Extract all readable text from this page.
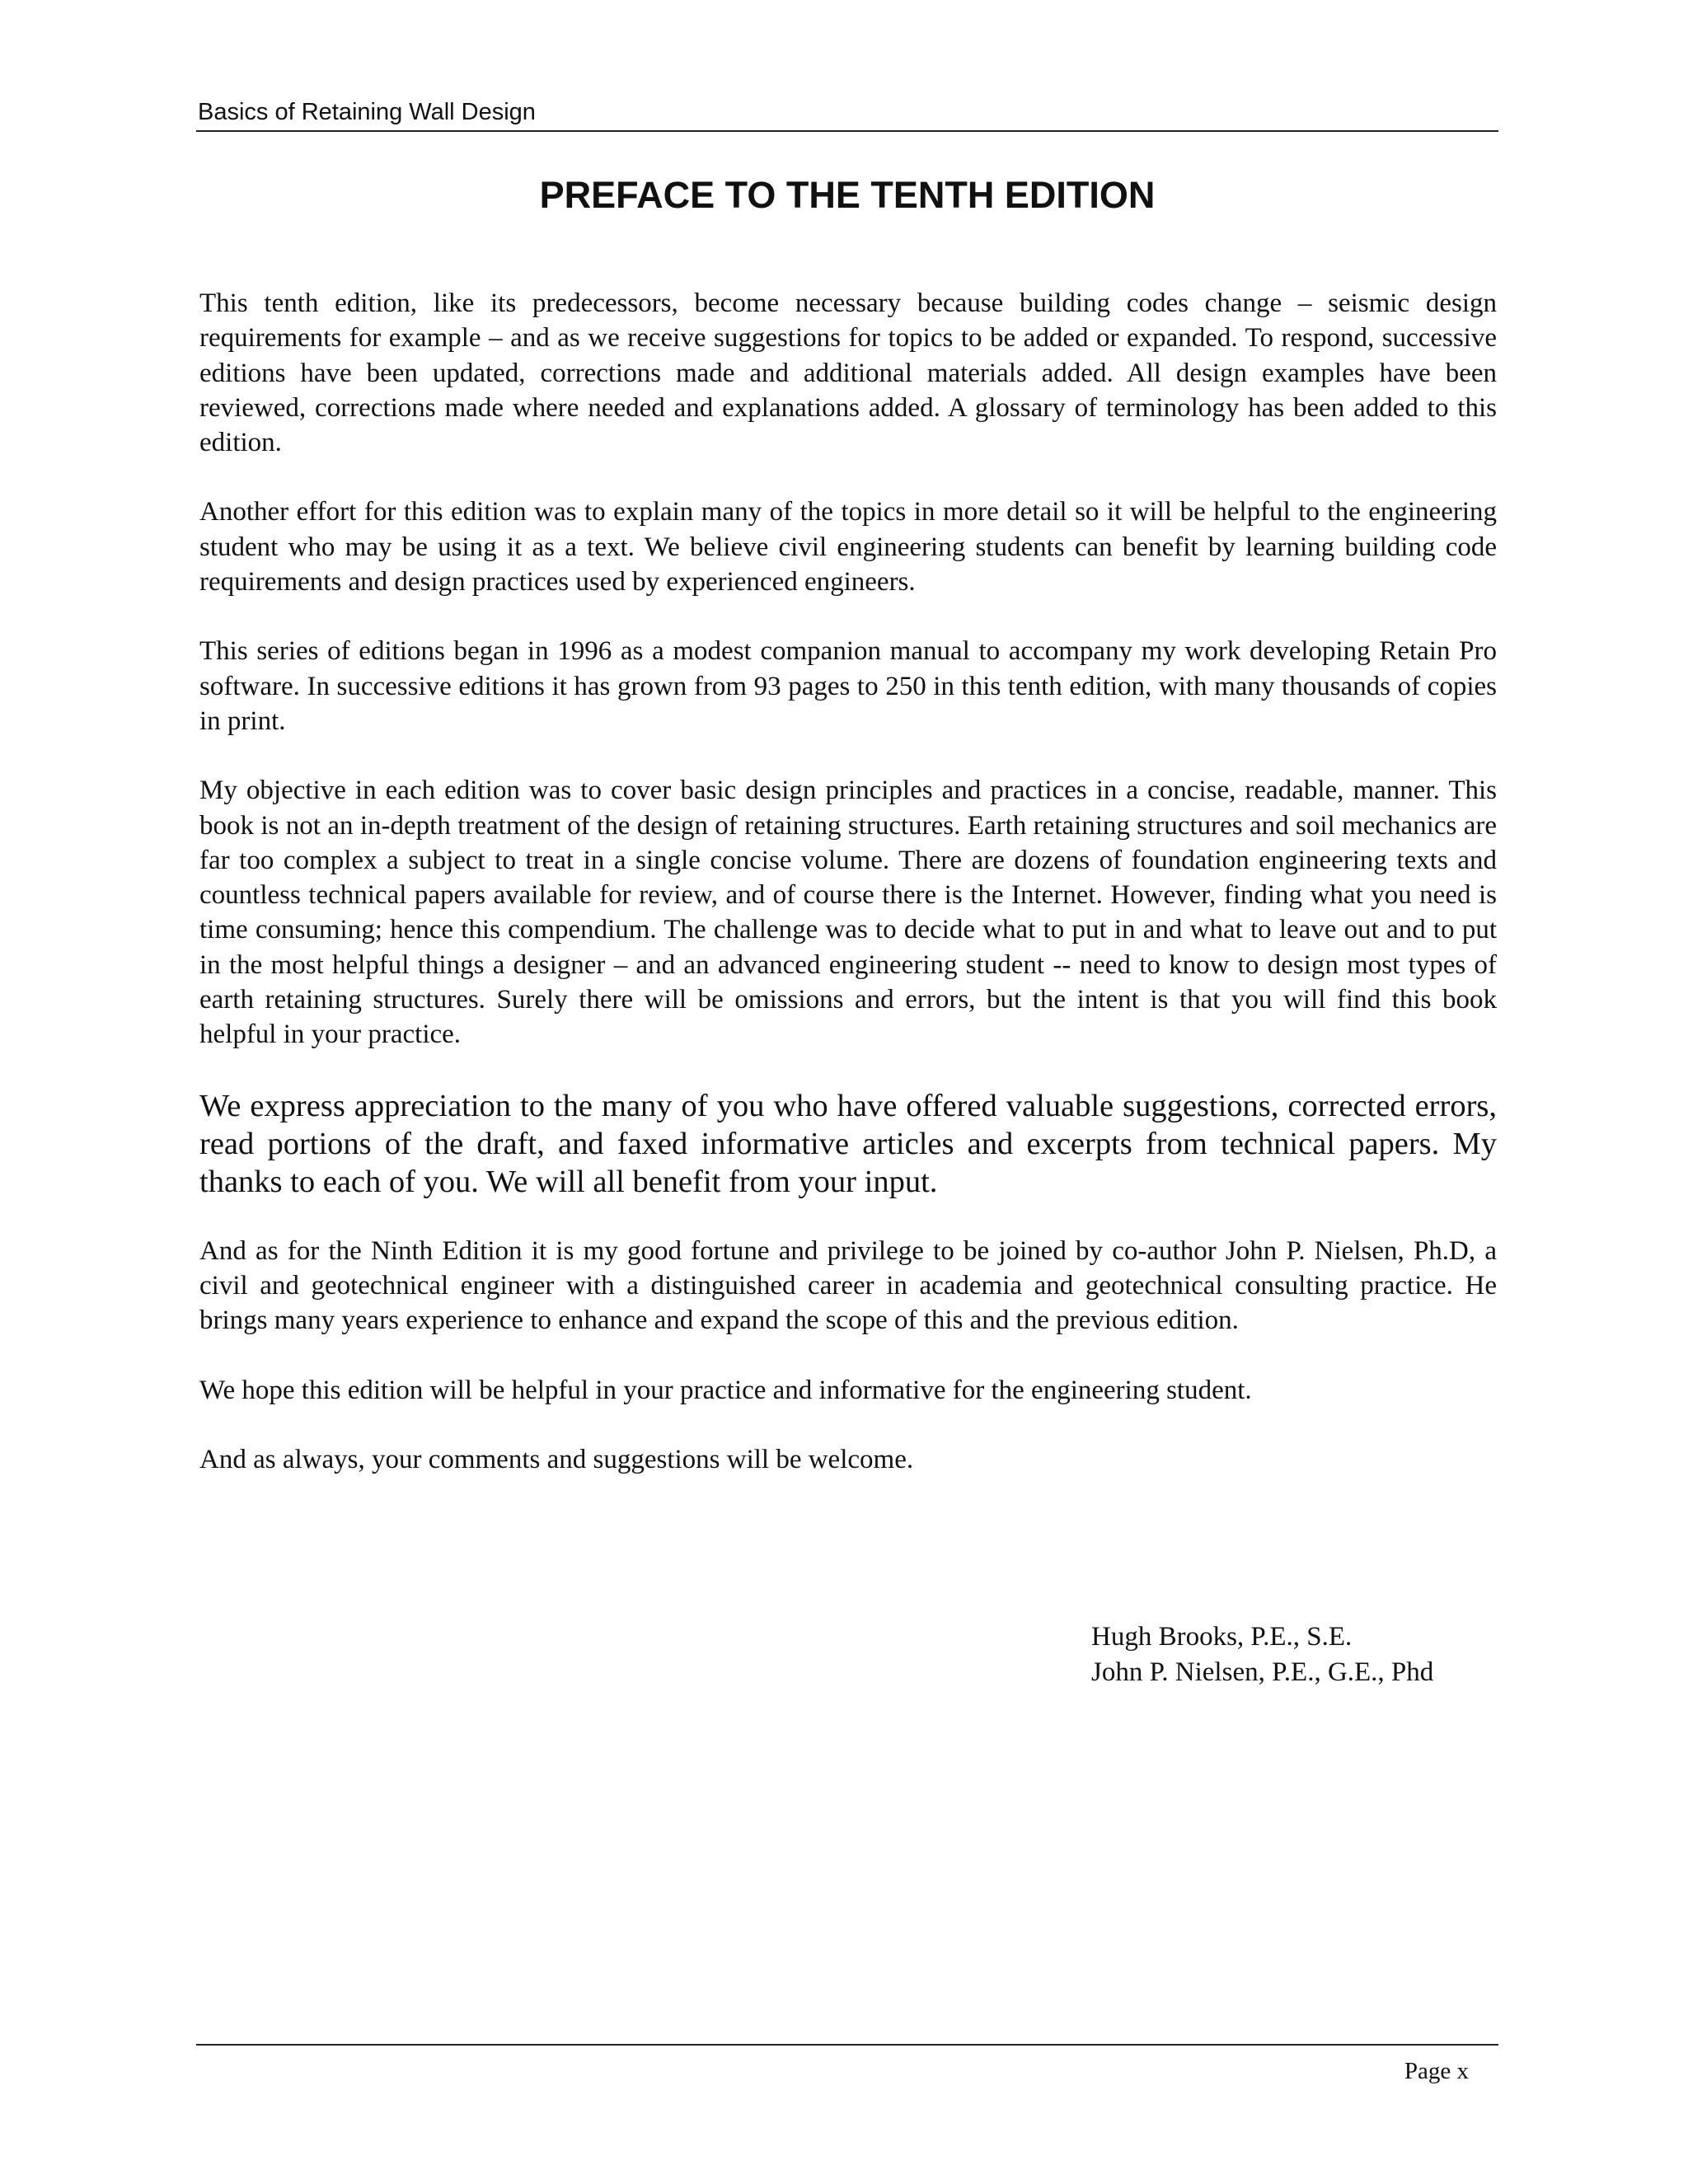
Basics of Retaining Wall Design
PREFACE TO THE TENTH EDITION

This tenth edition, like its predecessors, become necessary because building codes change – seismic design requirements for example – and as we receive suggestions for topics to be added or expanded. To respond, successive editions have been updated, corrections made and additional materials added. All design examples have been reviewed, corrections made where needed and explanations added. A glossary of terminology has been added to this edition.

Another effort for this edition was to explain many of the topics in more detail so it will be helpful to the engineering student who may be using it as a text. We believe civil engineering students can benefit by learning building code requirements and design practices used by experienced engineers.

This series of editions began in 1996 as a modest companion manual to accompany my work developing Retain Pro software. In successive editions it has grown from 93 pages to 250 in this tenth edition, with many thousands of copies in print.

My objective in each edition was to cover basic design principles and practices in a concise, readable, manner. This book is not an in-depth treatment of the design of retaining structures. Earth retaining structures and soil mechanics are far too complex a subject to treat in a single concise volume. There are dozens of foundation engineering texts and countless technical papers available for review, and of course there is the Internet. However, finding what you need is time consuming; hence this compendium. The challenge was to decide what to put in and what to leave out and to put in the most helpful things a designer – and an advanced engineering student -- need to know to design most types of earth retaining structures. Surely there will be omissions and errors, but the intent is that you will find this book helpful in your practice.

We express appreciation to the many of you who have offered valuable suggestions, corrected errors, read portions of the draft, and faxed informative articles and excerpts from technical papers. My thanks to each of you. We will all benefit from your input.

And as for the Ninth Edition it is my good fortune and privilege to be joined by co-author John P. Nielsen, Ph.D, a civil and geotechnical engineer with a distinguished career in academia and geotechnical consulting practice. He brings many years experience to enhance and expand the scope of this and the previous edition.

We hope this edition will be helpful in your practice and informative for the engineering student.

And as always, your comments and suggestions will be welcome.

Hugh Brooks, P.E., S.E.
John P. Nielsen, P.E., G.E., Phd
Page x
